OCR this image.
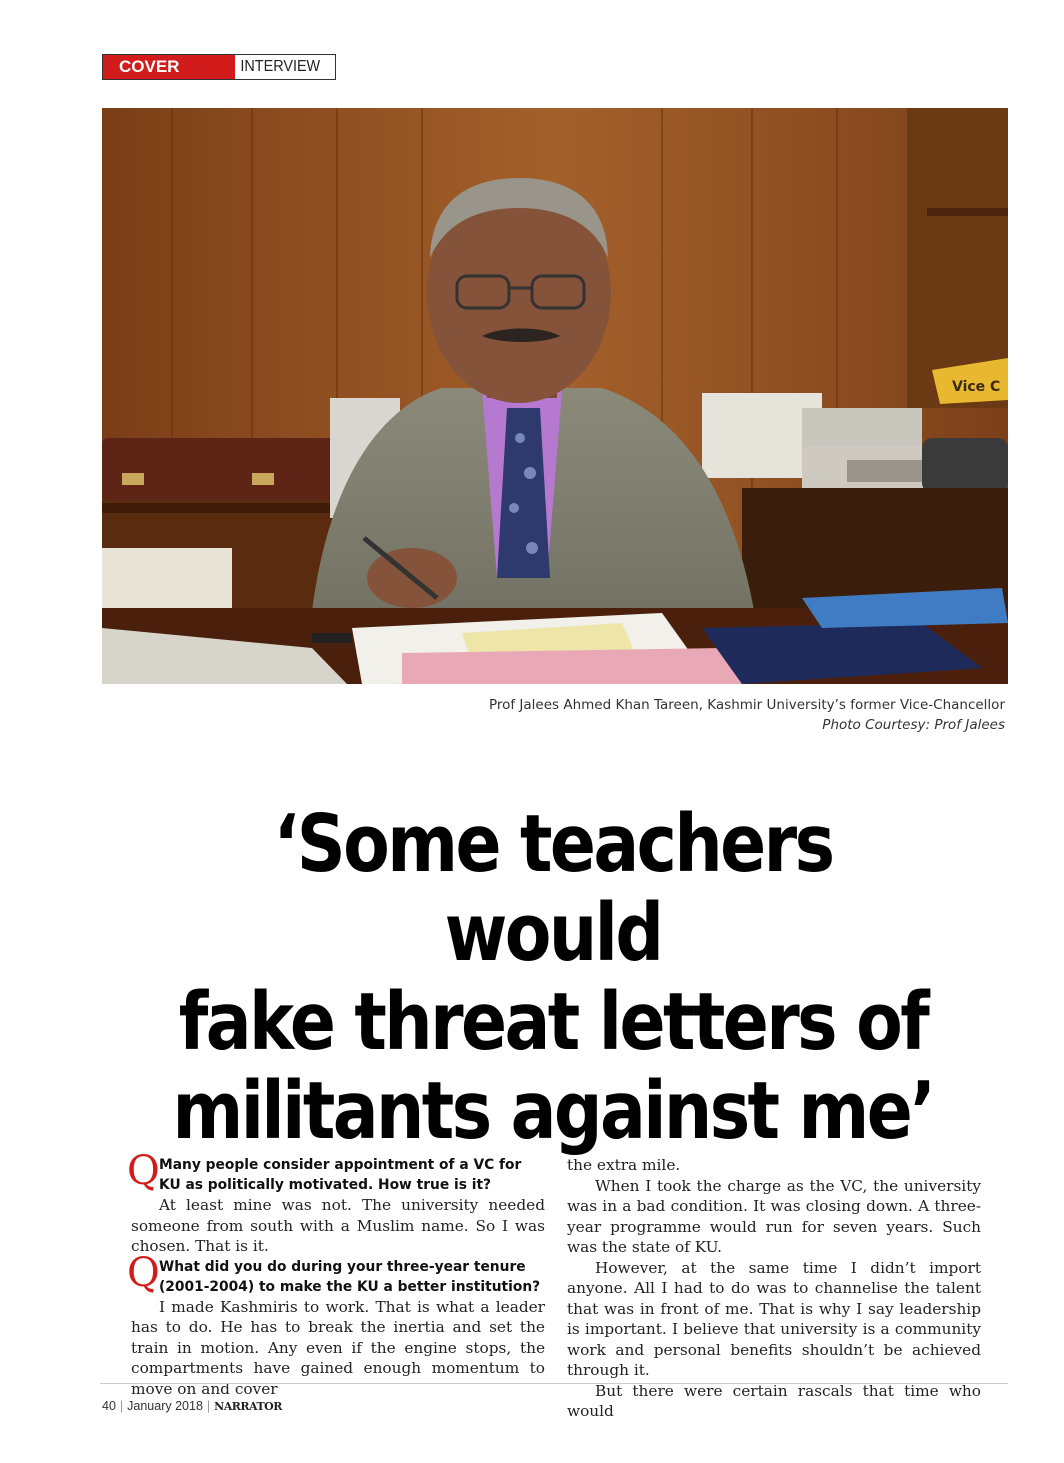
COVER STORY
INTERVIEW
Vice C
Prof Jalees Ahmed Khan Tareen, Kashmir University’s former Vice-Chancellor
Photo Courtesy: Prof Jalees
‘Some teachers would
fake threat letters of
militants against me’
Q Many people consider appointment of a VC for KU as politically motivated. How true is it?

At least mine was not. The university needed someone from south with a Muslim name. So I was chosen. That is it.

Q What did you do during your three-year tenure (2001-2004) to make the KU a better institution?

I made Kashmiris to work. That is what a leader has to do. He has to break the inertia and set the train in motion. Any even if the engine stops, the compartments have gained enough momentum to move on and cover

the extra mile.

When I took the charge as the VC, the university was in a bad condition. It was closing down. A three-year programme would run for seven years. Such was the state of KU.

However, at the same time I didn’t import anyone. All I had to do was to channelise the talent that was in front of me. That is why I say leadership is important. I believe that university is a community work and personal benefits shouldn’t be achieved through it.

But there were certain rascals that time who would

40 | January 2018 | NARRATOR
